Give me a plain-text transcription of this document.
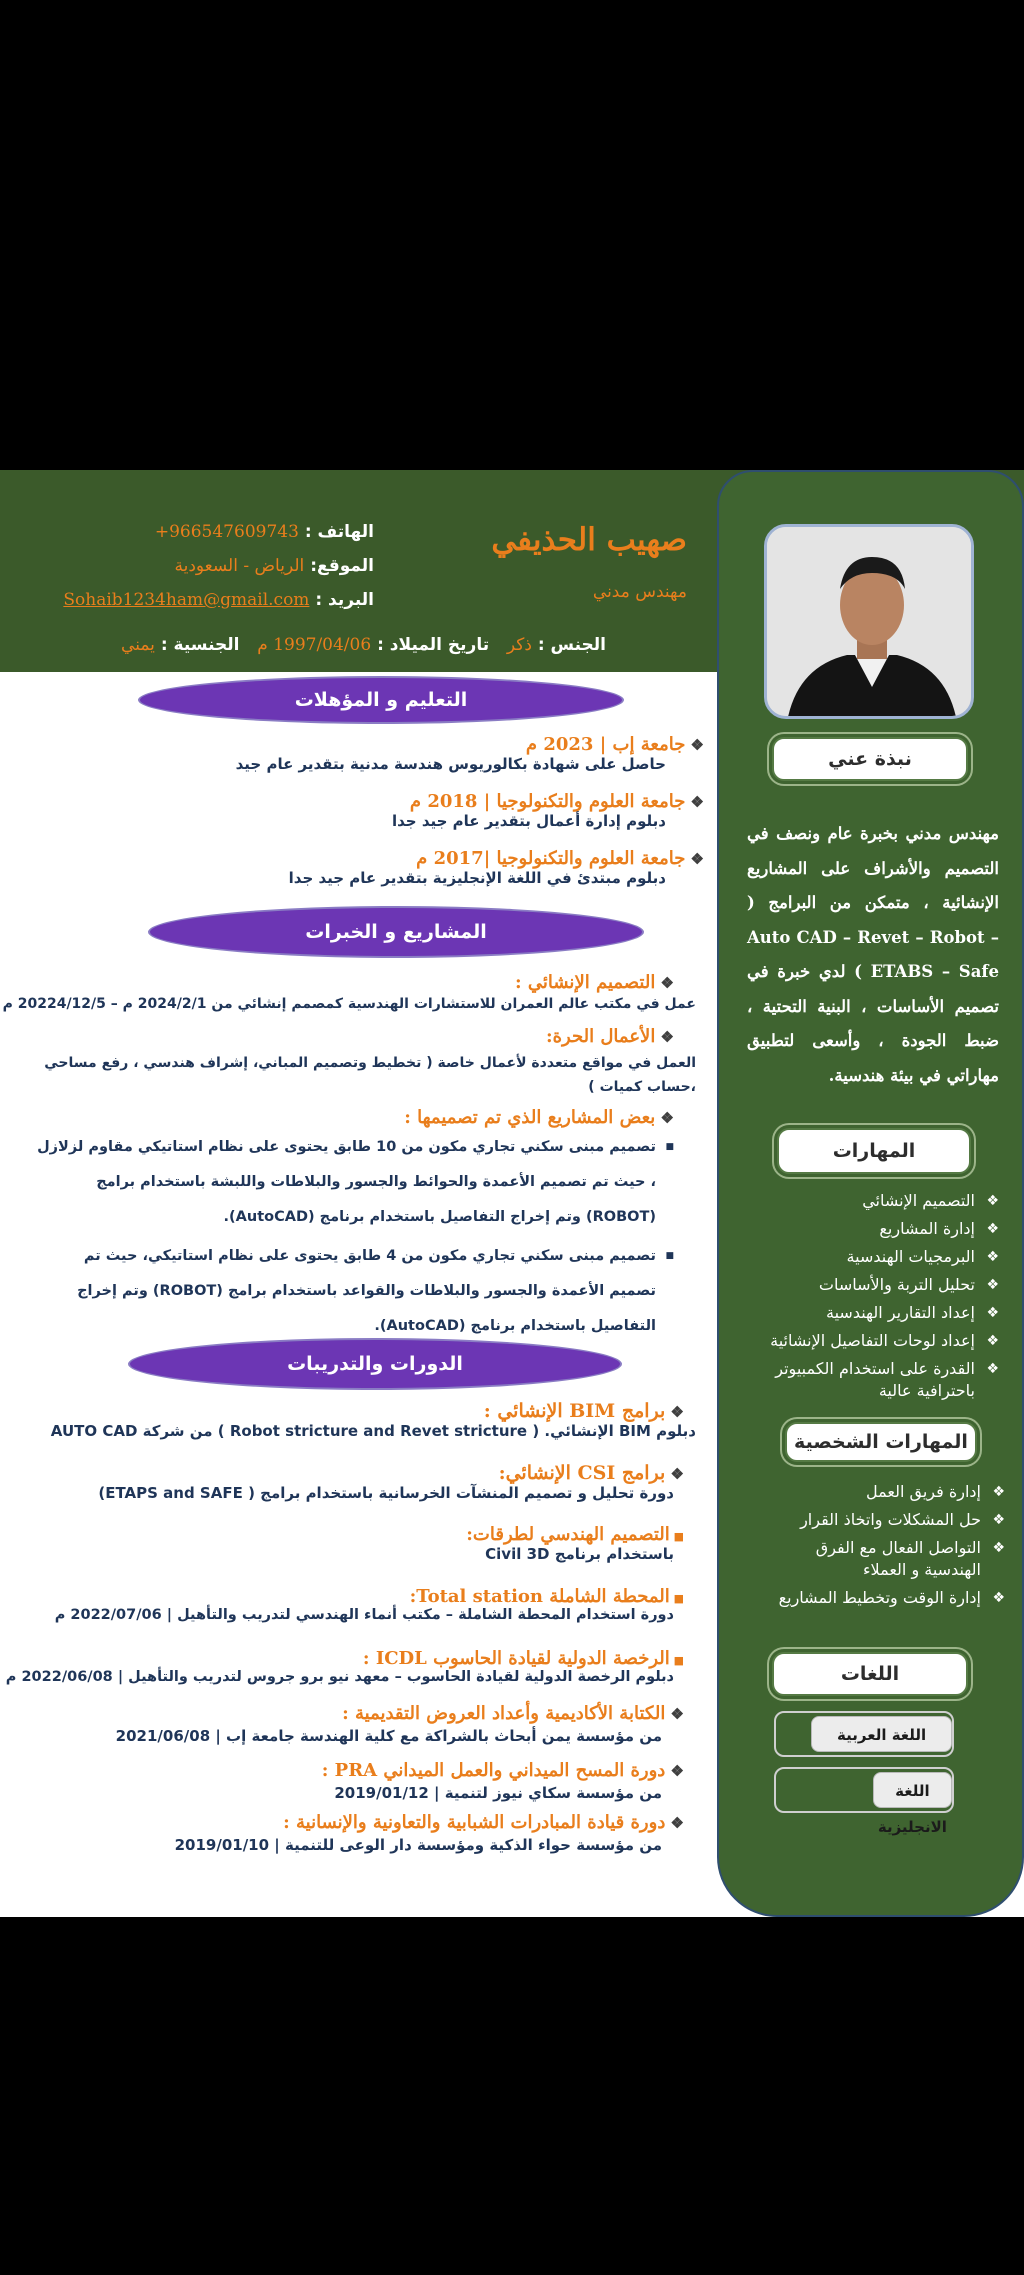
نبذة عني

مهندس مدني بخبرة عام ونصف في التصميم والأشراف على المشاريع الإنشائية ، متمكن من البرامج ( Auto CAD – Revet – Robot – ETABS – Safe ) لدي خبرة في تصميم الأساسات ، البنية التحتية ، ضبط الجودة ، وأسعى لتطبيق مهاراتي في بيئة هندسية.

المهارات
❖ التصميم الإنشائي
❖ إدارة المشاريع
❖ البرمجيات الهندسية
❖ تحليل التربة والأساسات
❖ إعداد التقارير الهندسية
❖ إعداد لوحات التفاصيل الإنشائية
❖ القدرة على استخدام الكمبيوتر باحترافية عالية
المهارات الشخصية
❖ إدارة فريق العمل
❖ حل المشكلات واتخاذ القرار
❖ التواصل الفعال مع الفرق الهندسية و العملاء
❖ إدارة الوقت وتخطيط المشاريع
اللغات
اللغة العربية
اللغة الانجليزية
صهيب الحذيفي
مهندس مدني
الهاتف : +966547609743
الموقع: الرياض - السعودية
البريد : Sohaib1234ham@gmail.com
الجنس : ذكر   تاريخ الميلاد : 1997/04/06 م   الجنسية : يمني
التعليم و المؤهلات
❖ جامعة إب | 2023 م
حاصل على شهادة بكالوريوس هندسة مدنية بتقدير عام جيد
❖ جامعة العلوم والتكنولوجيا | 2018 م
دبلوم إدارة أعمال بتقدير عام جيد جدا
❖ جامعة العلوم والتكنولوجيا |2017 م
دبلوم مبتدئ في اللغة الإنجليزية بتقدير عام جيد جدا
المشاريع و الخبرات
❖ التصميم الإنشائي :
عمل في مكتب عالم العمران للاستشارات الهندسية كمصمم إنشائي من 2024/2/1 م – 20224/12/5 م
❖ الأعمال الحرة:
العمل في مواقع متعددة لأعمال خاصة ( تخطيط وتصميم المباني، إشراف هندسي ، رفع مساحي ،حساب كميات )
❖ بعض المشاريع الذي تم تصميمها :
■ تصميم مبنى سكني تجاري مكون من 10 طابق يحتوى على نظام استاتيكي مقاوم لزلازل ، حيث تم تصميم الأعمدة والحوائط والجسور والبلاطات واللبشة باستخدام برامج (ROBOT) وتم إخراج التفاصيل باستخدام برنامج (AutoCAD).
■ تصميم مبنى سكني تجاري مكون من 4 طابق يحتوى على نظام استاتيكي، حيث تم تصميم الأعمدة والجسور والبلاطات والقواعد باستخدام برامج (ROBOT) وتم إخراج التفاصيل باستخدام برنامج (AutoCAD).
الدورات والتدريبات
❖ برامج BIM الإنشائي :
دبلوم BIM الإنشائي. ( Robot stricture and Revet stricture ) من شركة AUTO CAD
❖ برامج CSI الإنشائي:
دورة تحليل و تصميم المنشآت الخرسانية باستخدام برامج ( ETAPS and SAFE)
■ التصميم الهندسي لطرقات:
باستخدام برنامج Civil 3D
■ المحطة الشاملة Total station:
دورة استخدام المحطة الشاملة – مكتب أنماء الهندسي لتدريب والتأهيل | 2022/07/06 م
■ الرخصة الدولية لقيادة الحاسوب ICDL :
دبلوم الرخصة الدولية لقيادة الحاسوب – معهد نيو برو جروس لتدريب والتأهيل | 2022/06/08 م
❖ الكتابة الأكاديمية وأعداد العروض التقديمية :
من مؤسسة يمن أبحاث بالشراكة مع كلية الهندسة جامعة إب | 2021/06/08
❖ دورة المسح الميداني والعمل الميداني PRA :
من مؤسسة سكاي نيوز لتنمية | 2019/01/12
❖ دورة قيادة المبادرات الشبابية والتعاونية والإنسانية :
من مؤسسة حواء الذكية ومؤسسة دار الوعى للتنمية | 2019/01/10
